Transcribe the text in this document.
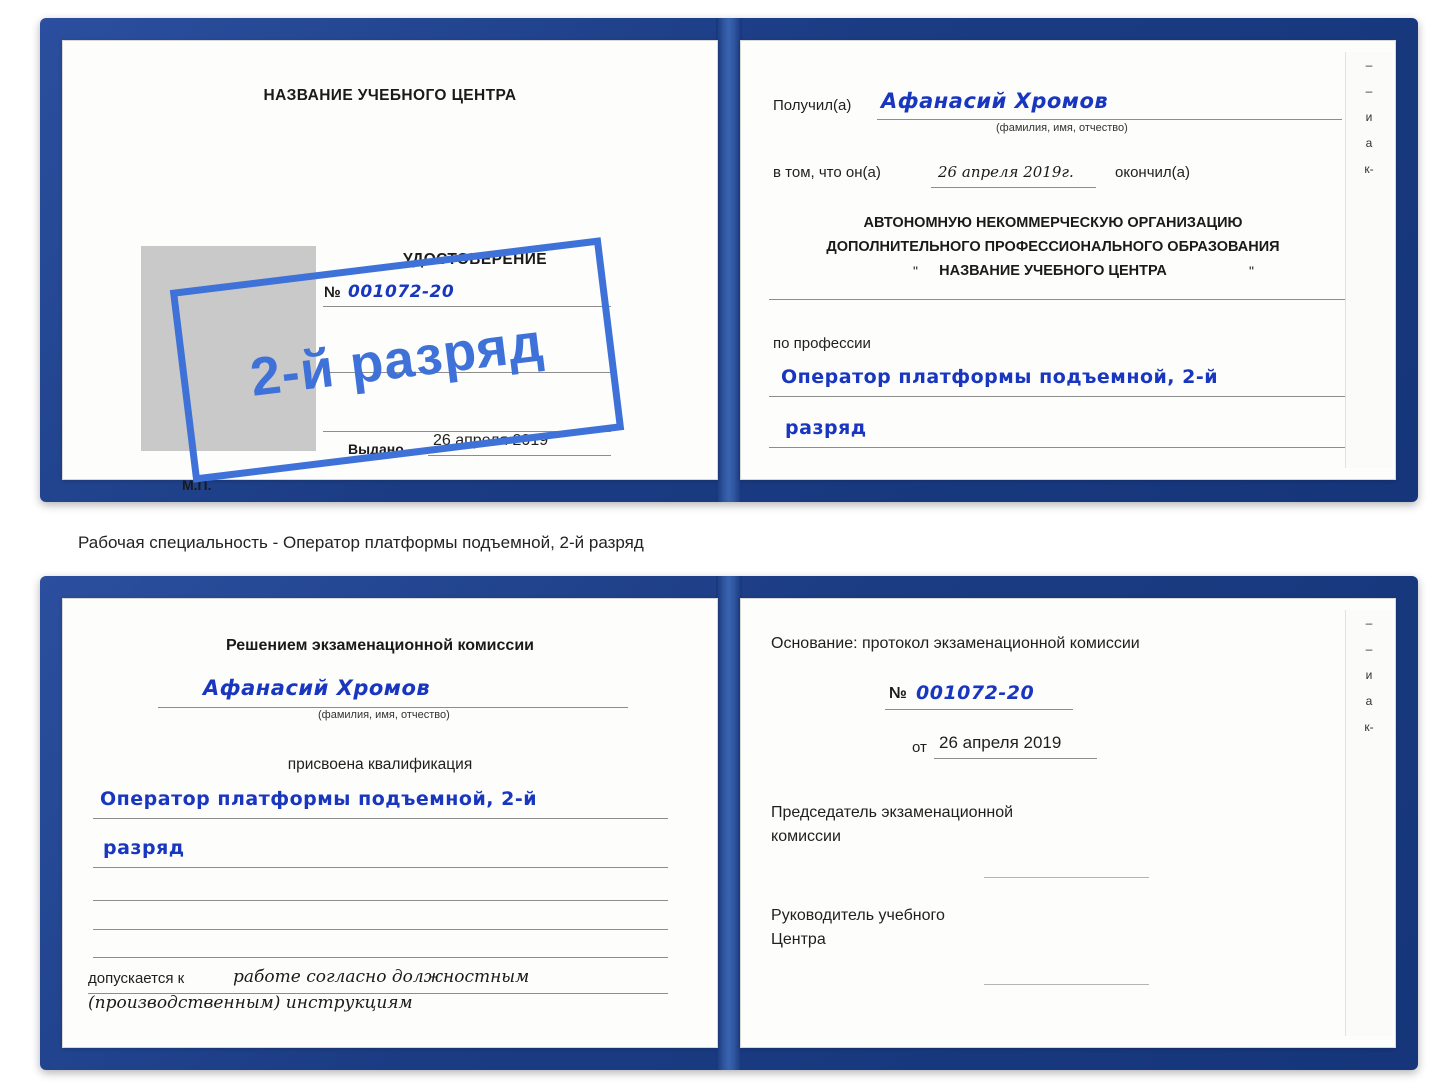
НАЗВАНИЕ УЧЕБНОГО ЦЕНТРА
УДОСТОВЕРЕНИЕ
№ 001072-20
Выдано 26 апреля 2019
М.П.
Получил(а) Афанасий Хромов
(фамилия, имя, отчество)
в том, что он(а)	26 апреля 2019г.	окончил(а)
АВТОНОМНУЮ НЕКОММЕРЧЕСКУЮ ОРГАНИЗАЦИЮ
ДОПОЛНИТЕЛЬНОГО ПРОФЕССИОНАЛЬНОГО ОБРАЗОВАНИЯ
"	НАЗВАНИЕ УЧЕБНОГО ЦЕНТРА	"
по профессии
Оператор платформы подъемной, 2-й
разряд
–
–
и
а
к-
2-й разряд
Рабочая специальность - Оператор платформы подъемной, 2-й разряд
Решением экзаменационной комиссии
Афанасий Хромов
(фамилия, имя, отчество)
присвоена квалификация
Оператор платформы подъемной, 2-й
разряд
допускается к	работе согласно должностным
(производственным) инструкциям
Основание: протокол экзаменационной комиссии
№ 001072-20
от 26 апреля 2019
Председатель экзаменационной
комиссии
Руководитель учебного
Центра
–
–
и
а
к-
